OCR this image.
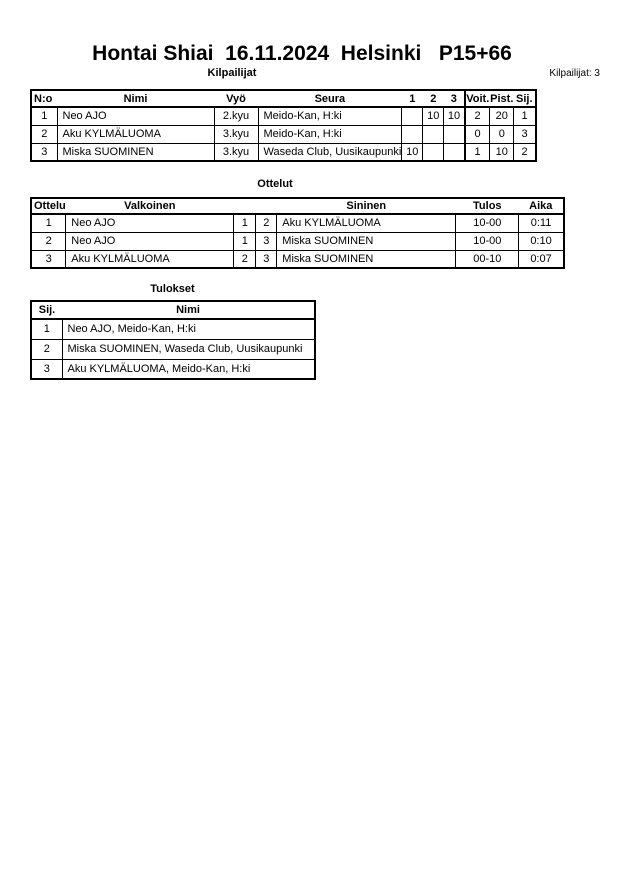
Hontai Shiai  16.11.2024  Helsinki   P15+66
Kilpailijat	Kilpailijat: 3
N:o	Nimi	Vyö	Seura	1	2	3	Voit.	Pist.	Sij.
1	Neo AJO	2.kyu	Meido-Kan, H:ki		10	10	2	20	1
2	Aku KYLMÄLUOMA	3.kyu	Meido-Kan, H:ki				0	0	3
3	Miska SUOMINEN	3.kyu	Waseda Club, Uusikaupunki	10			1	10	2
Ottelut
Ottelu	Valkoinen			Sininen	Tulos	Aika
1	Neo AJO	1	2	Aku KYLMÄLUOMA	10-00	0:11
2	Neo AJO	1	3	Miska SUOMINEN	10-00	0:10
3	Aku KYLMÄLUOMA	2	3	Miska SUOMINEN	00-10	0:07
Tulokset
Sij.	Nimi
1	Neo AJO, Meido-Kan, H:ki
2	Miska SUOMINEN, Waseda Club, Uusikaupunki
3	Aku KYLMÄLUOMA, Meido-Kan, H:ki
